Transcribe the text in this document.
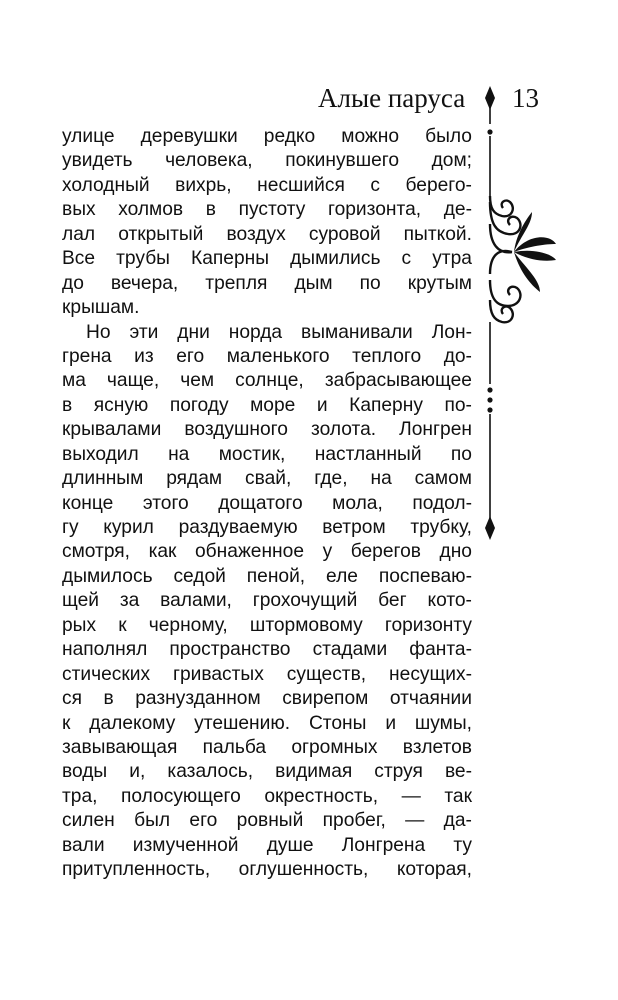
Алые паруса 13
улице деревушки редко можно было
увидеть человека, покинувшего дом;
холодный вихрь, несшийся с берего-
вых холмов в пустоту горизонта, де-
лал открытый воздух суровой пыткой.
Все трубы Каперны дымились с утра
до вечера, трепля дым по крутым
крышам.
Но эти дни норда выманивали Лон-
грена из его маленького теплого до-
ма чаще, чем солнце, забрасывающее
в ясную погоду море и Каперну по-
крывалами воздушного золота. Лонгрен
выходил на мостик, настланный по
длинным рядам свай, где, на самом
конце этого дощатого мола, подол-
гу курил раздуваемую ветром трубку,
смотря, как обнаженное у берегов дно
дымилось седой пеной, еле поспеваю-
щей за валами, грохочущий бег кото-
рых к черному, штормовому горизонту
наполнял пространство стадами фанта-
стических гривастых существ, несущих-
ся в разнузданном свирепом отчаянии
к далекому утешению. Стоны и шумы,
завывающая пальба огромных взлетов
воды и, казалось, видимая струя ве-
тра, полосующего окрестность, — так
силен был его ровный пробег, — да-
вали измученной душе Лонгрена ту
притупленность, оглушенность, которая,
